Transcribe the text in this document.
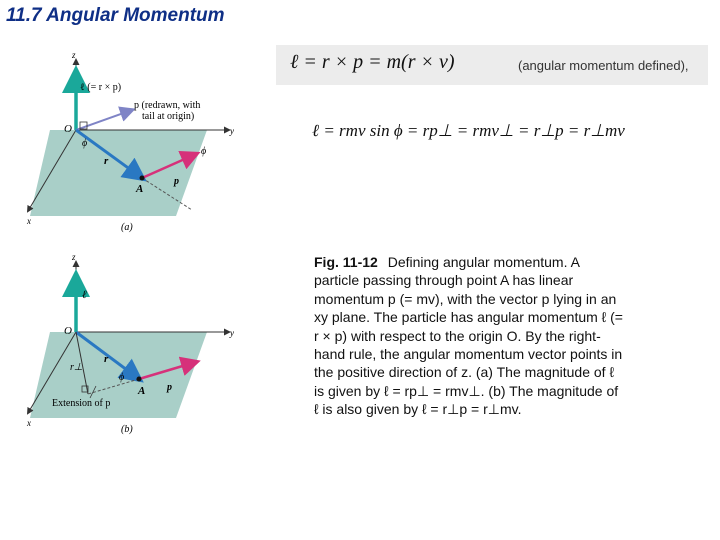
11.7 Angular Momentum
z
y
x
O
ℓ (= r × p)
p (redrawn, with
tail at origin)
ϕ
r
ϕ
p
A
(a)
z
y
x
O
ℓ
r
r⊥
ϕ
A p
Extension of p
(b)
ℓ = r × p = m(r × v)	(angular momentum defined),
ℓ = rmv sin ϕ = rp⊥ = rmv⊥ = r⊥p = r⊥mv
Fig. 11-12 Defining angular momentum. A particle passing through point A has linear momentum p (= mv), with the vector p lying in an xy plane. The particle has angular momentum ℓ (= r × p) with respect to the origin O. By the right-hand rule, the angular momentum vector points in the positive direction of z. (a) The magnitude of ℓ is given by ℓ = rp⊥ = rmv⊥. (b) The magnitude of ℓ is also given by ℓ = r⊥p = r⊥mv.
